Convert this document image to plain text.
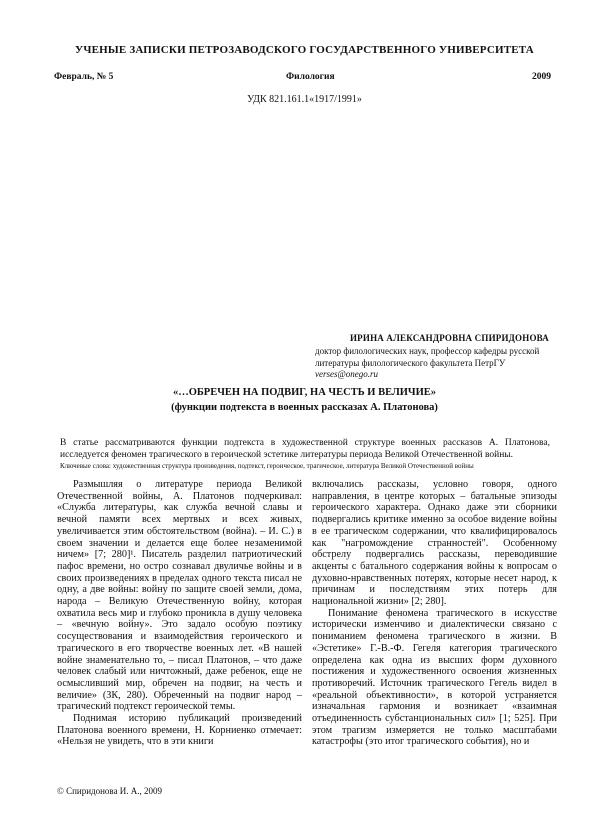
УЧЕНЫЕ ЗАПИСКИ ПЕТРОЗАВОДСКОГО ГОСУДАРСТВЕННОГО УНИВЕРСИТЕТА
Февраль, № 5	Филология	2009
УДК 821.161.1«1917/1991»
ИРИНА АЛЕКСАНДРОВНА СПИРИДОНОВА
доктор филологических наук, профессор кафедры русской литературы филологического факультета ПетрГУ
verses@onego.ru
«…ОБРЕЧЕН НА ПОДВИГ, НА ЧЕСТЬ И ВЕЛИЧИЕ»
(функции подтекста в военных рассказах А. Платонова)
В статье рассматриваются функции подтекста в художественной структуре военных рассказов А. Платонова, исследуется феномен трагического в героической эстетике литературы периода Великой Отечественной войны.
Ключевые слова: художественная структура произведения, подтекст, героическое, трагическое, литература Великой Отечественной войны

Размышляя о литературе периода Великой Отечественной войны, А. Платонов подчеркивал: «Служба литературы, как служба вечной славы и вечной памяти всех мертвых и всех живых, увеличивается этим обстоятельством (война). – И. С.) в своем значении и делается еще более незаменимой ничем» [7; 280]¹. Писатель разделил патриотический пафос времени, но остро сознавал двуличье войны и в своих произведениях в пределах одного текста писал не одну, а две войны: войну по защите своей земли, дома, народа – Великую Отечественную войну, которая охватила весь мир и глубоко проникла в душу человека – «вечную войну». Это задало особую поэтику сосуществования и взаимодействия героического и трагического в его творчестве военных лет. «В нашей войне знаменательно то, – писал Платонов, – что даже человек слабый или ничтожный, даже ребенок, еще не осмысливший мир, обречен на подвиг, на честь и величие» (ЗК, 280). Обреченный на подвиг народ – трагический подтекст героической темы.

Поднимая историю публикаций произведений Платонова военного времени, Н. Корниенко отмечает: «Нельзя не увидеть, что в эти книги

включались рассказы, условно говоря, одного направления, в центре которых – батальные эпизоды героического характера. Однако даже эти сборники подвергались критике именно за особое видение войны в ее трагическом содержании, что квалифицировалось как "нагромождение странностей". Особенному обстрелу подвергались рассказы, переводившие акценты с батального содержания войны к вопросам о духовно-нравственных потерях, которые несет народ, к причинам и последствиям этих потерь для национальной жизни» [2; 280].

Понимание феномена трагического в искусстве исторически изменчиво и диалектически связано с пониманием феномена трагического в жизни. В «Эстетике» Г.-В.-Ф. Гегеля категория трагического определена как одна из высших форм духовного постижения и художественного освоения жизненных противоречий. Источник трагического Гегель видел в «реальной объективности», в которой устраняется изначальная гармония и возникает «взаимная отъединенность субстанциональных сил» [1; 525]. При этом трагизм измеряется не только масштабами катастрофы (это итог трагического события), но и

© Спиридонова И. А., 2009
